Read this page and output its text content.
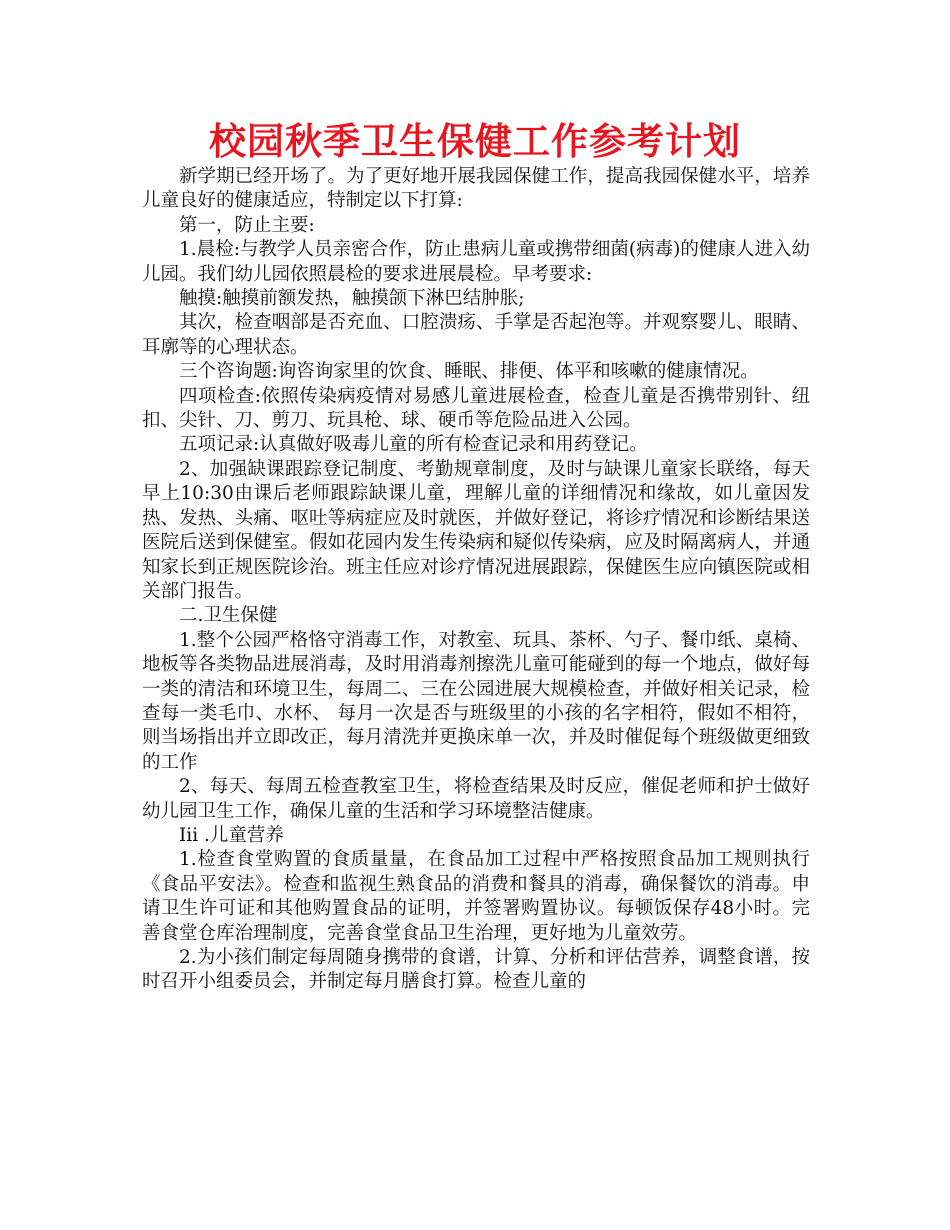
校园秋季卫生保健工作参考计划

新学期已经开场了。为了更好地开展我园保健工作，提高我园保健水平，培养儿童良好的健康适应，特制定以下打算:

第一，防止主要:

1.晨检:与教学人员亲密合作，防止患病儿童或携带细菌(病毒)的健康人进入幼儿园。我们幼儿园依照晨检的要求进展晨检。早考要求:

触摸:触摸前额发热，触摸颌下淋巴结肿胀;

其次，检查咽部是否充血、口腔溃疡、手掌是否起泡等。并观察婴儿、眼睛、耳廓等的心理状态。

三个咨询题:询咨询家里的饮食、睡眠、排便、体平和咳嗽的健康情况。

四项检查:依照传染病疫情对易感儿童进展检查，检查儿童是否携带别针、纽扣、尖针、刀、剪刀、玩具枪、球、硬币等危险品进入公园。

五项记录:认真做好吸毒儿童的所有检查记录和用药登记。

2、加强缺课跟踪登记制度、考勤规章制度，及时与缺课儿童家长联络，每天早上10:30由课后老师跟踪缺课儿童，理解儿童的详细情况和缘故，如儿童因发热、发热、头痛、呕吐等病症应及时就医，并做好登记，将诊疗情况和诊断结果送医院后送到保健室。假如花园内发生传染病和疑似传染病，应及时隔离病人，并通知家长到正规医院诊治。班主任应对诊疗情况进展跟踪，保健医生应向镇医院或相关部门报告。

二.卫生保健

1.整个公园严格恪守消毒工作，对教室、玩具、茶杯、勺子、餐巾纸、桌椅、地板等各类物品进展消毒，及时用消毒剂擦洗儿童可能碰到的每一个地点，做好每一类的清洁和环境卫生，每周二、三在公园进展大规模检查，并做好相关记录，检查每一类毛巾、水杯、 每月一次是否与班级里的小孩的名字相符，假如不相符，则当场指出并立即改正，每月清洗并更换床单一次，并及时催促每个班级做更细致的工作

2、每天、每周五检查教室卫生，将检查结果及时反应，催促老师和护士做好幼儿园卫生工作，确保儿童的生活和学习环境整洁健康。

Iii .儿童营养

1.检查食堂购置的食质量量，在食品加工过程中严格按照食品加工规则执行《食品平安法》。检查和监视生熟食品的消费和餐具的消毒，确保餐饮的消毒。申请卫生许可证和其他购置食品的证明，并签署购置协议。每顿饭保存48小时。完善食堂仓库治理制度，完善食堂食品卫生治理，更好地为儿童效劳。

2.为小孩们制定每周随身携带的食谱，计算、分析和评估营养，调整食谱，按时召开小组委员会，并制定每月膳食打算。检查儿童的
